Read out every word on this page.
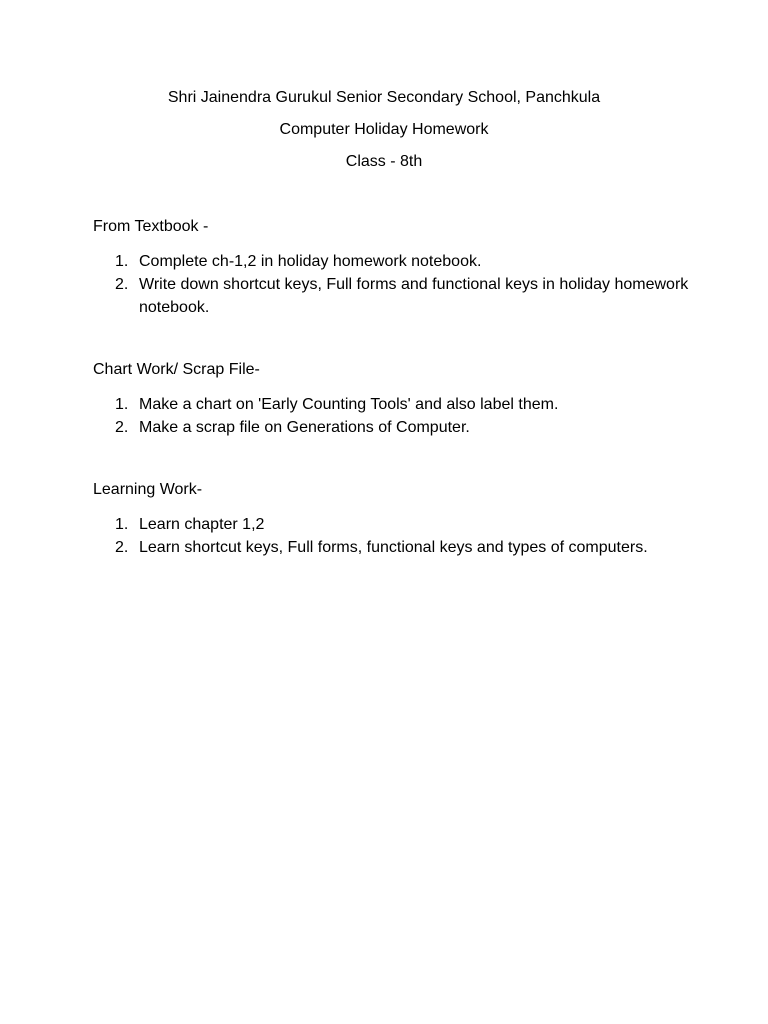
Shri Jainendra Gurukul Senior Secondary School, Panchkula

Computer Holiday Homework

Class - 8th

From Textbook -

1. Complete ch-1,2 in holiday homework notebook.
2. Write down shortcut keys, Full forms and functional keys in holiday homework notebook.

Chart Work/ Scrap File-

1. Make a chart on 'Early Counting Tools' and also label them.
2. Make a scrap file on Generations of Computer.

Learning Work-

1. Learn chapter 1,2
2. Learn shortcut keys, Full forms, functional keys and types of computers.
